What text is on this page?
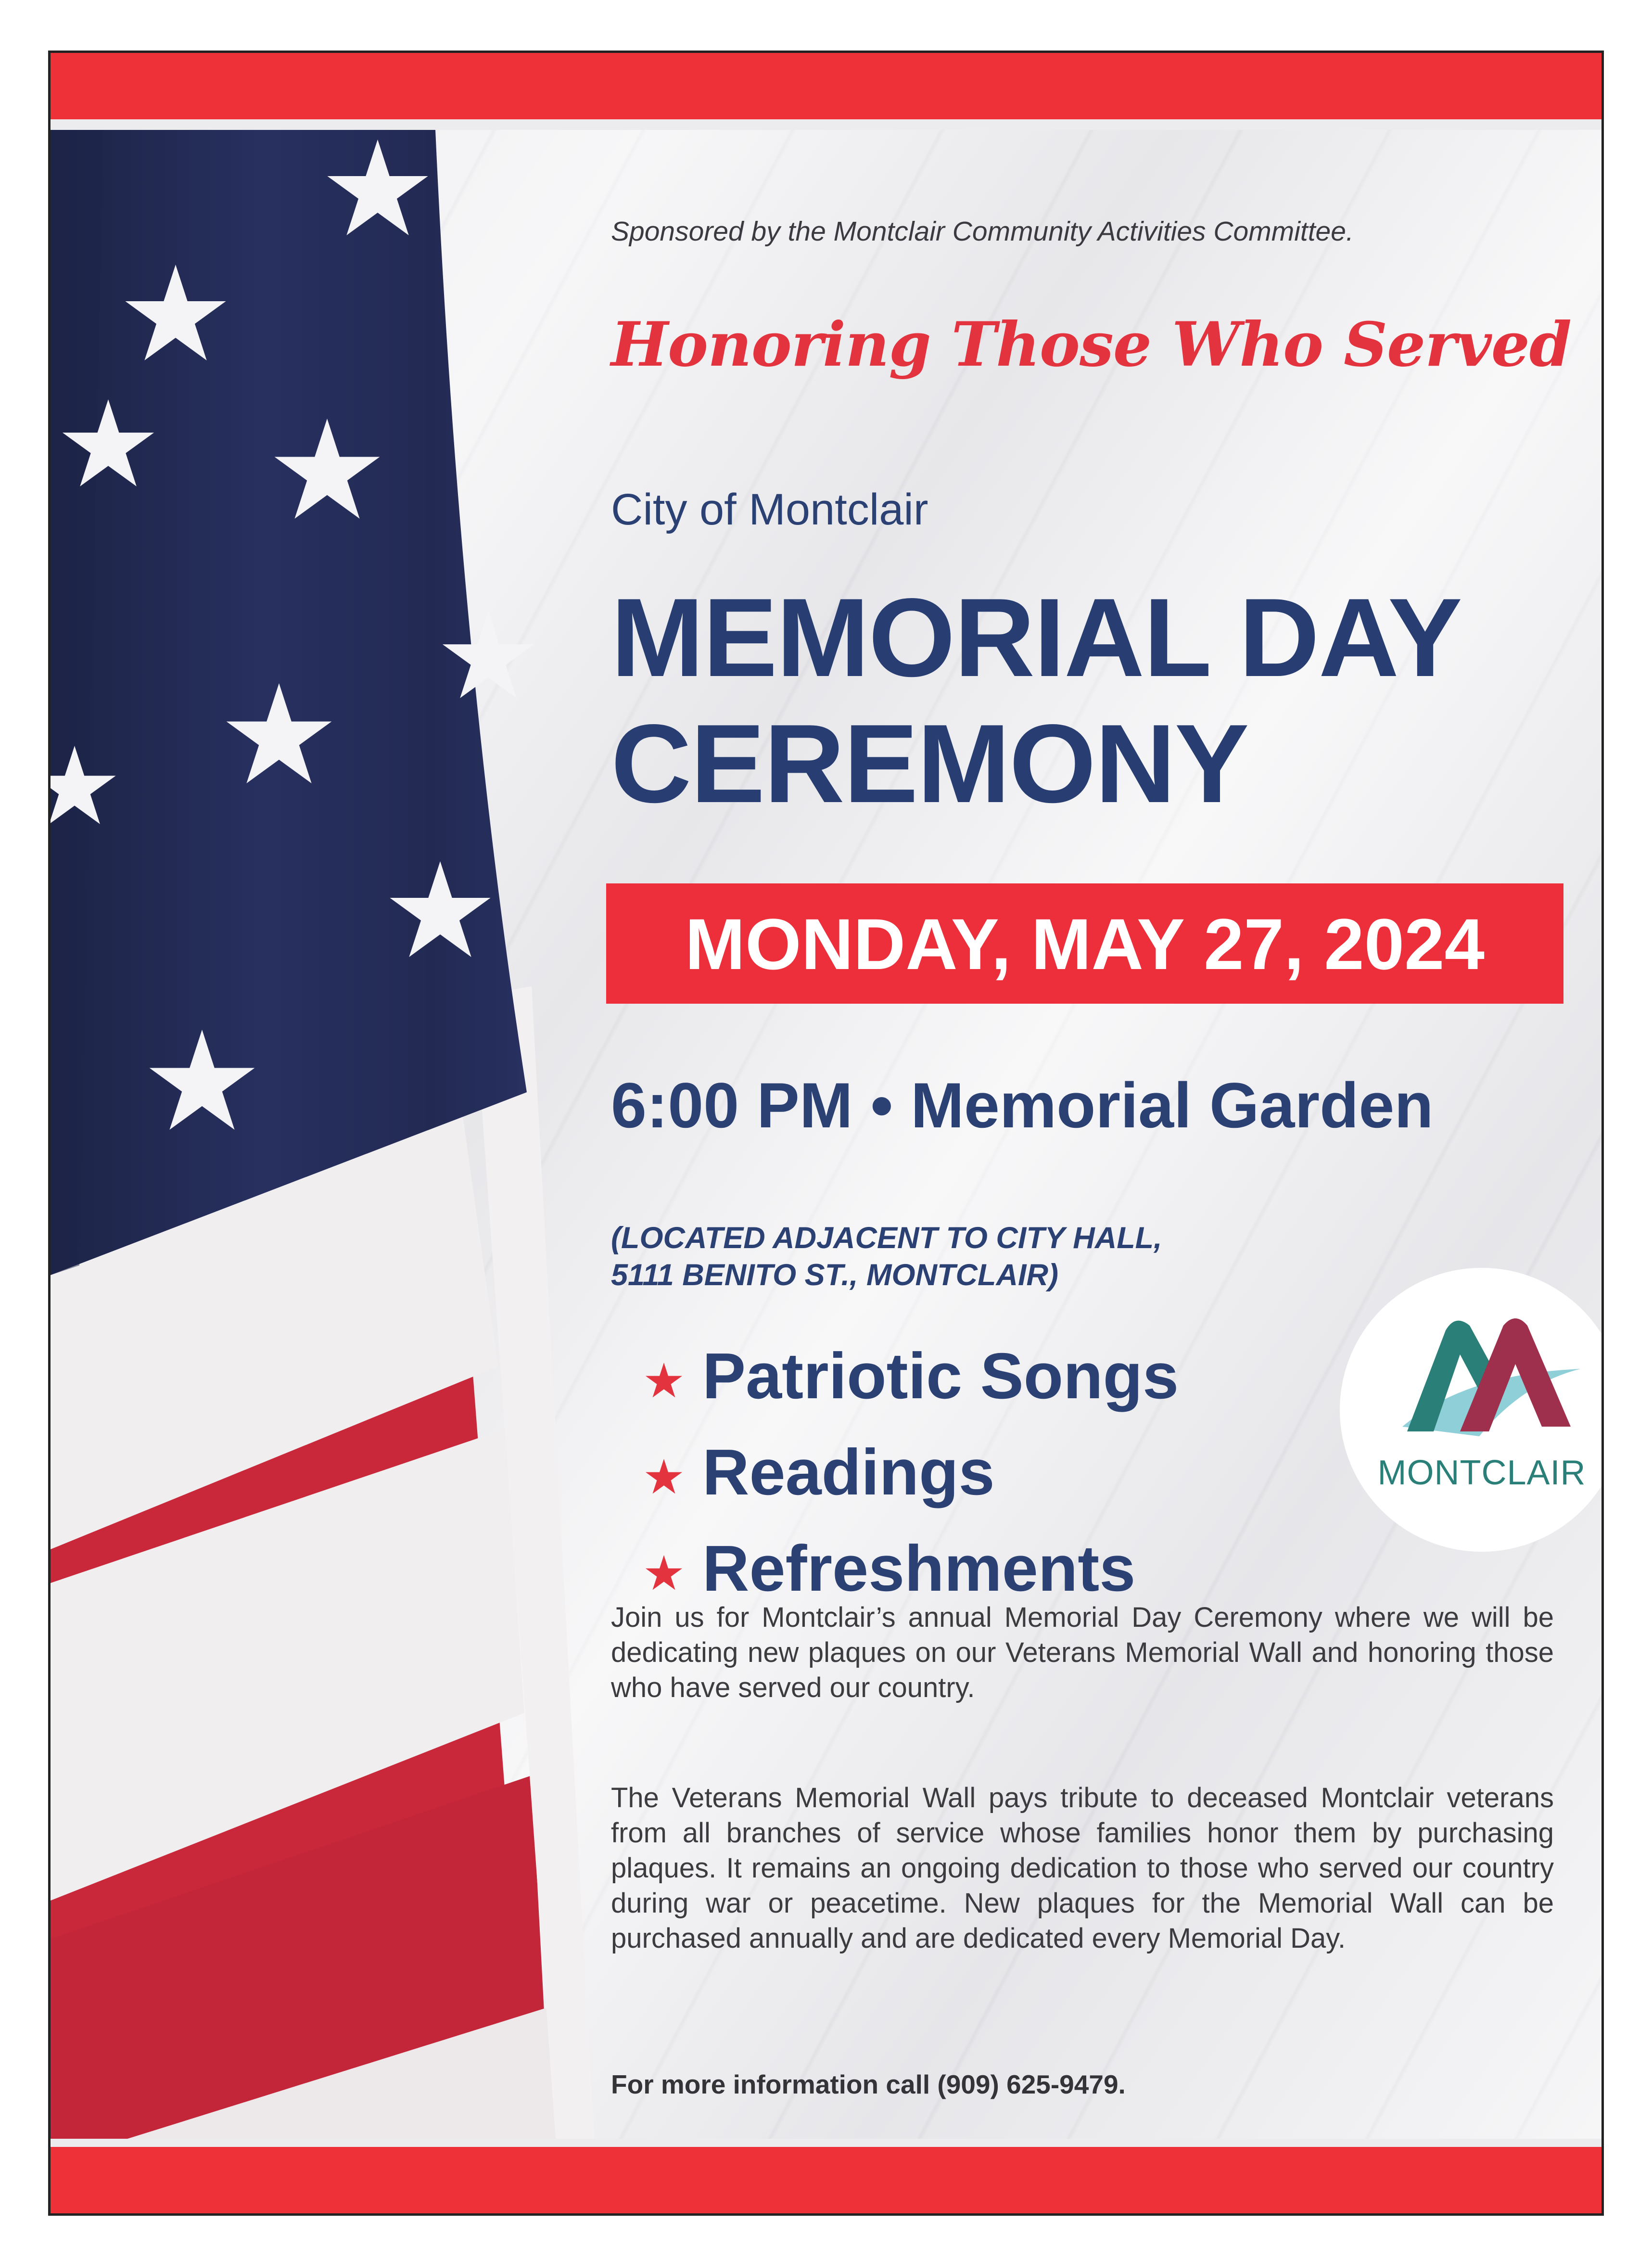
Sponsored by the Montclair Community Activities Committee.
Honoring Those Who Served
City of Montclair
MEMORIAL DAY
CEREMONY
MONDAY, MAY 27, 2024
6:00 PM • Memorial Garden
(LOCATED ADJACENT TO CITY HALL,
5111 BENITO ST., MONTCLAIR)
Patriotic Songs
Readings
Refreshments
MONTCLAIR
Join us for Montclair’s annual Memorial Day Ceremony where we will be dedicating new plaques on our Veterans Memorial Wall and honoring those who have served our country.
The Veterans Memorial Wall pays tribute to deceased Montclair veterans from all branches of service whose families honor them by purchasing plaques. It remains an ongoing dedication to those who served our country during war or peacetime. New plaques for the Memorial Wall can be purchased annually and are dedicated every Memorial Day.
For more information call (909) 625-9479.
